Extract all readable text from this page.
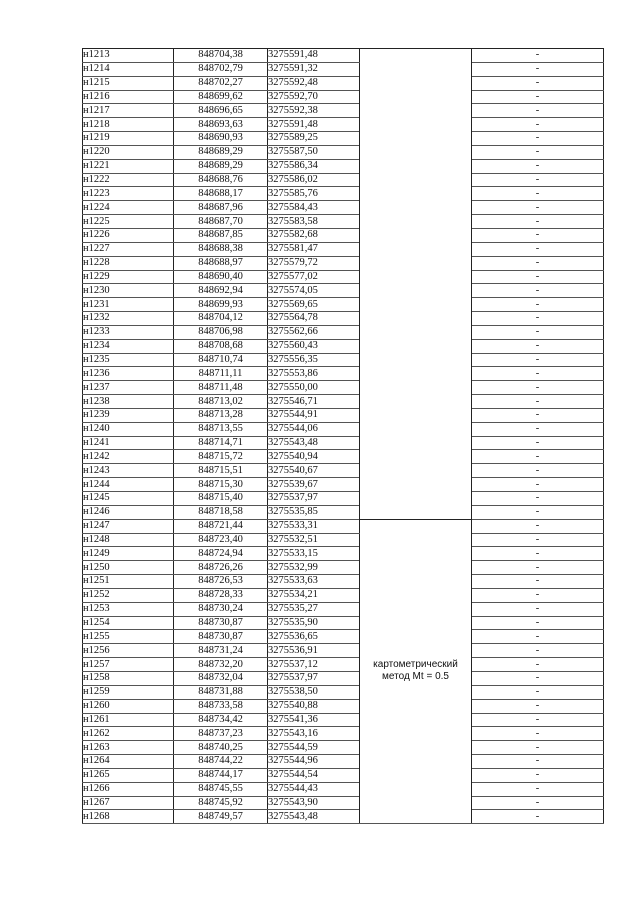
н1213	848704,38	3275591,48		-
н1214	848702,79	3275591,32		-
н1215	848702,27	3275592,48		-
н1216	848699,62	3275592,70		-
н1217	848696,65	3275592,38		-
н1218	848693,63	3275591,48		-
н1219	848690,93	3275589,25		-
н1220	848689,29	3275587,50		-
н1221	848689,29	3275586,34		-
н1222	848688,76	3275586,02		-
н1223	848688,17	3275585,76		-
н1224	848687,96	3275584,43		-
н1225	848687,70	3275583,58		-
н1226	848687,85	3275582,68		-
н1227	848688,38	3275581,47		-
н1228	848688,97	3275579,72		-
н1229	848690,40	3275577,02		-
н1230	848692,94	3275574,05		-
н1231	848699,93	3275569,65		-
н1232	848704,12	3275564,78		-
н1233	848706,98	3275562,66		-
н1234	848708,68	3275560,43		-
н1235	848710,74	3275556,35		-
н1236	848711,11	3275553,86		-
н1237	848711,48	3275550,00		-
н1238	848713,02	3275546,71		-
н1239	848713,28	3275544,91		-
н1240	848713,55	3275544,06		-
н1241	848714,71	3275543,48		-
н1242	848715,72	3275540,94		-
н1243	848715,51	3275540,67		-
н1244	848715,30	3275539,67		-
н1245	848715,40	3275537,97		-
н1246	848718,58	3275535,85		-
н1247	848721,44	3275533,31	картометрический метод Mt = 0.5	-
н1248	848723,40	3275532,51		-
н1249	848724,94	3275533,15		-
н1250	848726,26	3275532,99		-
н1251	848726,53	3275533,63		-
н1252	848728,33	3275534,21		-
н1253	848730,24	3275535,27		-
н1254	848730,87	3275535,90		-
н1255	848730,87	3275536,65		-
н1256	848731,24	3275536,91		-
н1257	848732,20	3275537,12		-
н1258	848732,04	3275537,97		-
н1259	848731,88	3275538,50		-
н1260	848733,58	3275540,88		-
н1261	848734,42	3275541,36		-
н1262	848737,23	3275543,16		-
н1263	848740,25	3275544,59		-
н1264	848744,22	3275544,96		-
н1265	848744,17	3275544,54		-
н1266	848745,55	3275544,43		-
н1267	848745,92	3275543,90		-
н1268	848749,57	3275543,48		-
